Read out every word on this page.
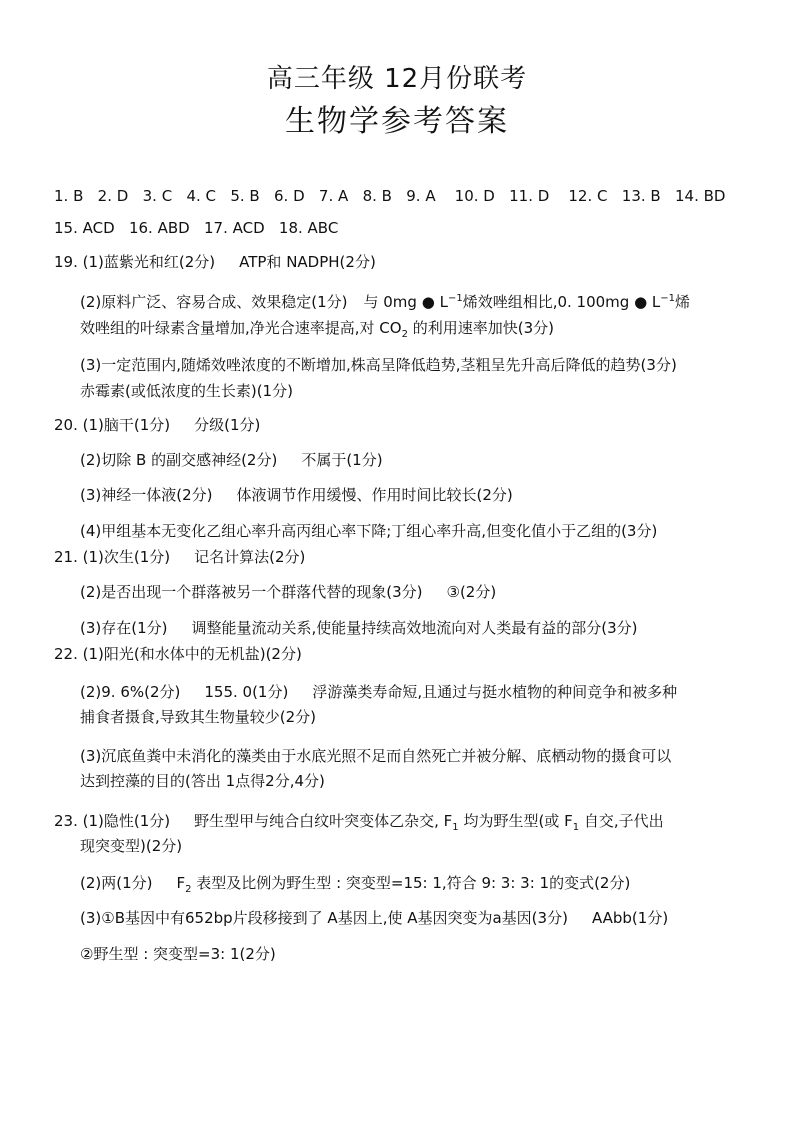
高三年级 12月份联考
生物学参考答案
1. B   2. D   3. C   4. C   5. B   6. D   7. A   8. B   9. A    10. D   11. D    12. C   13. B   14. BD
15. ACD   16. ABD   17. ACD   18. ABC
19. (1)蓝紫光和红(2分) ATP和 NADPH(2分)
(2)原料广泛、容易合成、效果稳定(1分) 与 0mg ● $L^{-1}$烯效唑组相比,0. 100mg ● $L^{-1}$烯
效唑组的叶绿素含量增加,净光合速率提高,对 $CO_2$ 的利用速率加快(3分)
(3)一定范围内,随烯效唑浓度的不断增加,株高呈降低趋势,茎粗呈先升高后降低的趋势(3分)
赤霉素(或低浓度的生长素)(1分)
20. (1)脑干(1分) 分级(1分)
(2)切除 B 的副交感神经(2分) 不属于(1分)
(3)神经一体液(2分) 体液调节作用缓慢、作用时间比较长(2分)
(4)甲组基本无变化乙组心率升高丙组心率下降;丁组心率升高,但变化值小于乙组的(3分)
21. (1)次生(1分) 记名计算法(2分)
(2)是否出现一个群落被另一个群落代替的现象(3分) ③(2分)
(3)存在(1分) 调整能量流动关系,使能量持续高效地流向对人类最有益的部分(3分)
22. (1)阳光(和水体中的无机盐)(2分)
(2)9. 6%(2分) 155. 0(1分) 浮游藻类寿命短,且通过与挺水植物的种间竞争和被多种
捕食者摄食,导致其生物量较少(2分)
(3)沉底鱼粪中未消化的藻类由于水底光照不足而自然死亡并被分解、底栖动物的摄食可以
达到控藻的目的(答出 1点得2分,4分)
23. (1)隐性(1分) 野生型甲与纯合白纹叶突变体乙杂交, $F_1$ 均为野生型(或 $F_1$ 自交,子代出
现突变型)(2分)
(2)两(1分) $F_2$ 表型及比例为野生型 : 突变型=15: 1,符合 9: 3: 3: 1的变式(2分)
(3)①B基因中有652bp片段移接到了 A基因上,使 A基因突变为a基因(3分) AAbb(1分)
②野生型 : 突变型=3: 1(2分)
